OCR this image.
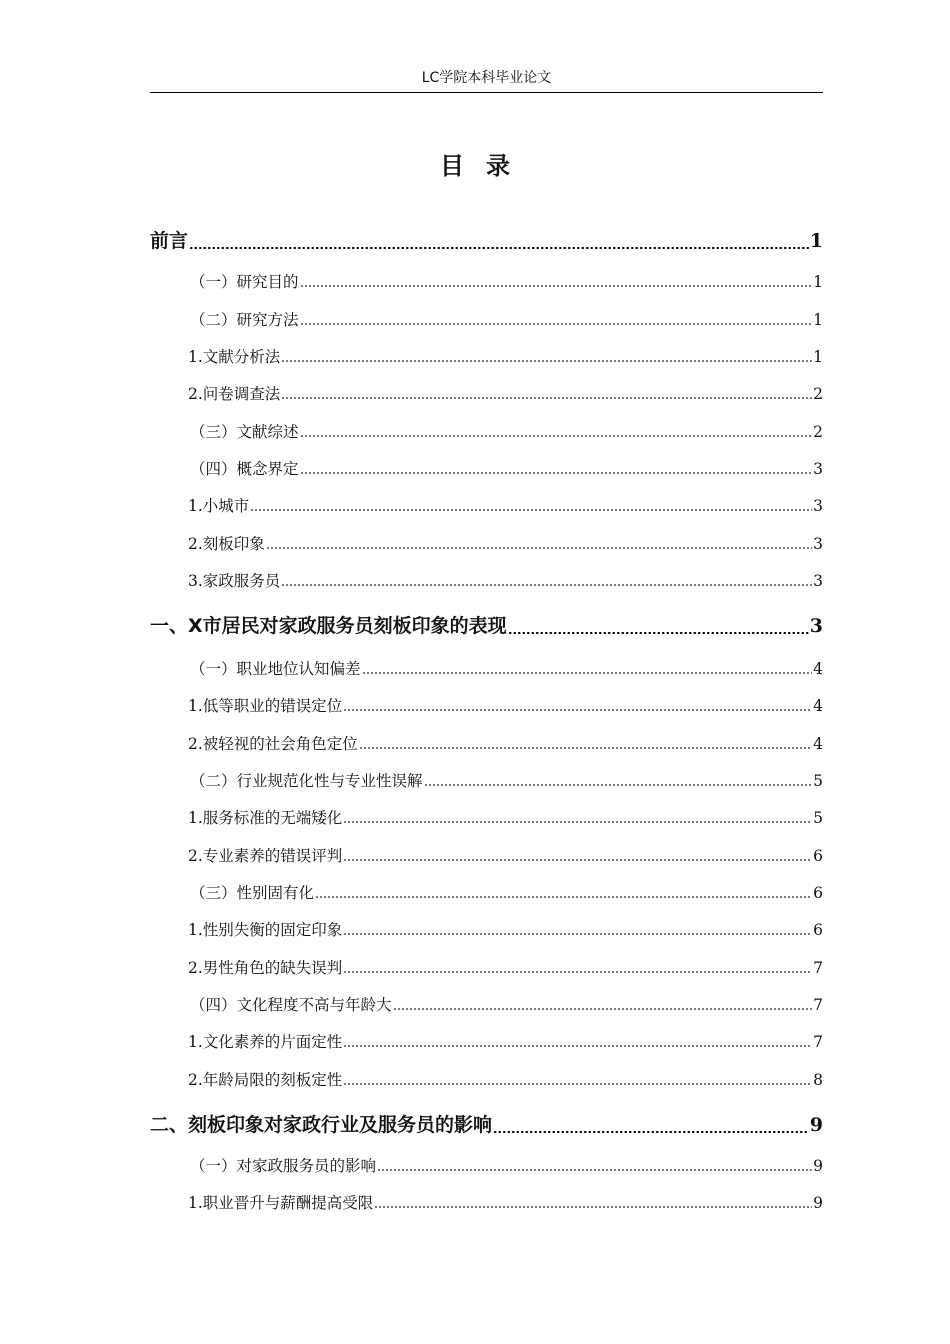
LC学院本科毕业论文
目录
前言	1
（一）研究目的	1
（二）研究方法	1
1.文献分析法	1
2.问卷调查法	2
（三）文献综述	2
（四）概念界定	3
1.小城市	3
2.刻板印象	3
3.家政服务员	3
一、X市居民对家政服务员刻板印象的表现	3
（一）职业地位认知偏差	4
1.低等职业的错误定位	4
2.被轻视的社会角色定位	4
（二）行业规范化性与专业性误解	5
1.服务标准的无端矮化	5
2.专业素养的错误评判	6
（三）性别固有化	6
1.性别失衡的固定印象	6
2.男性角色的缺失误判	7
（四）文化程度不高与年龄大	7
1.文化素养的片面定性	7
2.年龄局限的刻板定性	8
二、刻板印象对家政行业及服务员的影响	9
（一）对家政服务员的影响	9
1.职业晋升与薪酬提高受限	9
